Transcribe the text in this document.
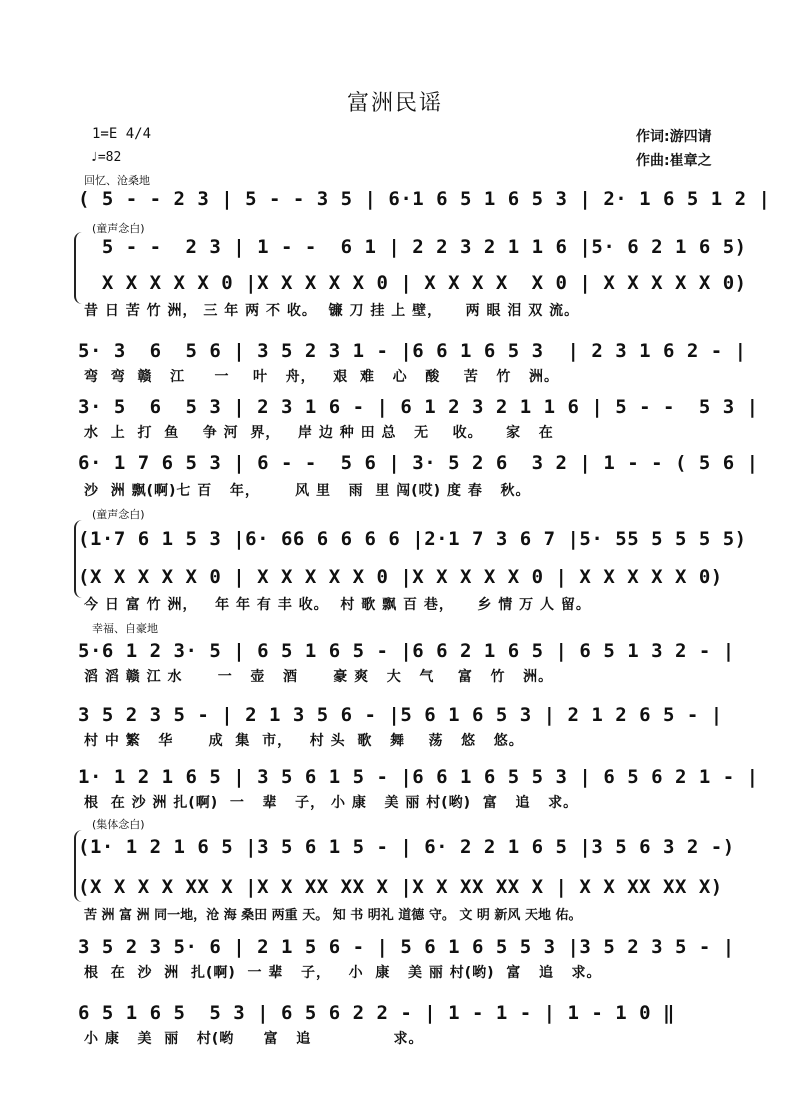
富洲民谣
1=E 4/4
♩=82
作词:游四请
作曲:崔章之
回忆、沧桑地
(童声念白)
(童声念白)
幸福、自豪地
(集体念白)
( 5 - - 2 3 | 5 - - 3 5 | 6·1 6 5 1 6 5 3 | 2· 1 6 5 1 2 |
5 - -  2 3 | 1 - -  6 1 | 2 2 3 2 1 1 6 |5· 6 2 1 6 5)
X X X X X 0 |X X X X X 0 | X X X X  X 0 | X X X X X 0)
昔 日 苦 竹 洲， 三 年 两 不 收。  镰 刀 挂 上 壁，    两 眼 泪 双 流。
5· 3  6  5 6 | 3 5 2 3 1 - |6 6 1 6 5 3  | 2 3 1 6 2 - |
弯  弯  赣   江     一    叶   舟，   艰  难   心   酸    苦   竹   洲。
3· 5  6  5 3 | 2 3 1 6 - | 6 1 2 3 2 1 1 6 | 5 - -  5 3 |
水  上  打  鱼    争 河  界，   岸 边 种 田 总   无    收。    家   在
6· 1 7 6 5 3 | 6 - -  5 6 | 3· 5 2 6  3 2 | 1 - - ( 5 6 |
沙  洲 飘(啊)七 百   年，      风 里   雨  里 闯(哎) 度 春   秋。
(1·7 6 1 5 3 |6· 66 6 6 6 6 |2·1 7 3 6 7 |5· 55 5 5 5 5)
(X X X X X 0 | X X X X X 0 |X X X X X 0 | X X X X X 0)
今 日 富 竹 洲，   年 年 有 丰 收。  村 歌 飘 百 巷，    乡 情 万 人 留。
5·6 1 2 3· 5 | 6 5 1 6 5 - |6 6 2 1 6 5 | 6 5 1 3 2 - |
滔 滔 赣 江 水      一   壶   酒      豪 爽   大   气    富   竹   洲。
3 5 2 3 5 - | 2 1 3 5 6 - |5 6 1 6 5 3 | 2 1 2 6 5 - |
村 中 繁   华      成  集  市，   村 头  歌   舞    荡   悠   悠。
1· 1 2 1 6 5 | 3 5 6 1 5 - |6 6 1 6 5 5 3 | 6 5 6 2 1 - |
根  在 沙 洲 扎(啊)  一   辈   子， 小 康   美 丽 村(哟)  富   追   求。
(1· 1 2 1 6 5 |3 5 6 1 5 - | 6· 2 2 1 6 5 |3 5 6 3 2 -)
(X X X X XX X |X X XX XX X |X X XX XX X | X X XX XX X)
苦 洲 富 洲 同一地，沧 海 桑田 两重 天。 知 书 明礼 道德 守。 文 明 新风 天地 佑。
3 5 2 3 5· 6 | 2 1 5 6 - | 5 6 1 6 5 5 3 |3 5 2 3 5 - |
根  在  沙  洲  扎(啊)  一 辈   子，   小  康   美 丽 村(哟)  富   追   求。
6 5 1 6 5  5 3 | 6 5 6 2 2 - | 1 - 1 - | 1 - 1 0 ‖
小 康   美  丽   村(哟     富   追              求。
